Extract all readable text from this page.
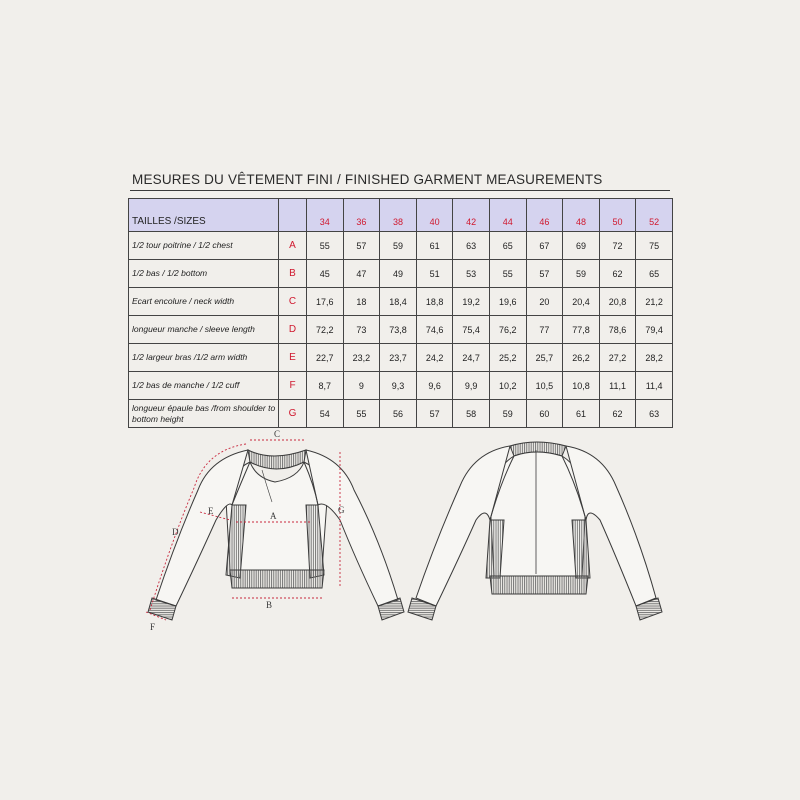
MESURES DU VÊTEMENT FINI / FINISHED GARMENT MEASUREMENTS
TAILLES /SIZES		34	36	38	40	42	44	46	48	50	52
1/2 tour poitrine / 1/2 chest	A	55	57	59	61	63	65	67	69	72	75
1/2 bas / 1/2 bottom	B	45	47	49	51	53	55	57	59	62	65
Ecart encolure / neck width	C	17,6	18	18,4	18,8	19,2	19,6	20	20,4	20,8	21,2
longueur manche / sleeve length	D	72,2	73	73,8	74,6	75,4	76,2	77	77,8	78,6	79,4
1/2 largeur bras /1/2 arm width	E	22,7	23,2	23,7	24,2	24,7	25,2	25,7	26,2	27,2	28,2
1/2 bas de manche / 1/2 cuff	F	8,7	9	9,3	9,6	9,9	10,2	10,5	10,8	11,1	11,4
longueur épaule bas /from shoulder to bottom height	G	54	55	56	57	58	59	60	61	62	63
C
A
B
G
D
E
F
